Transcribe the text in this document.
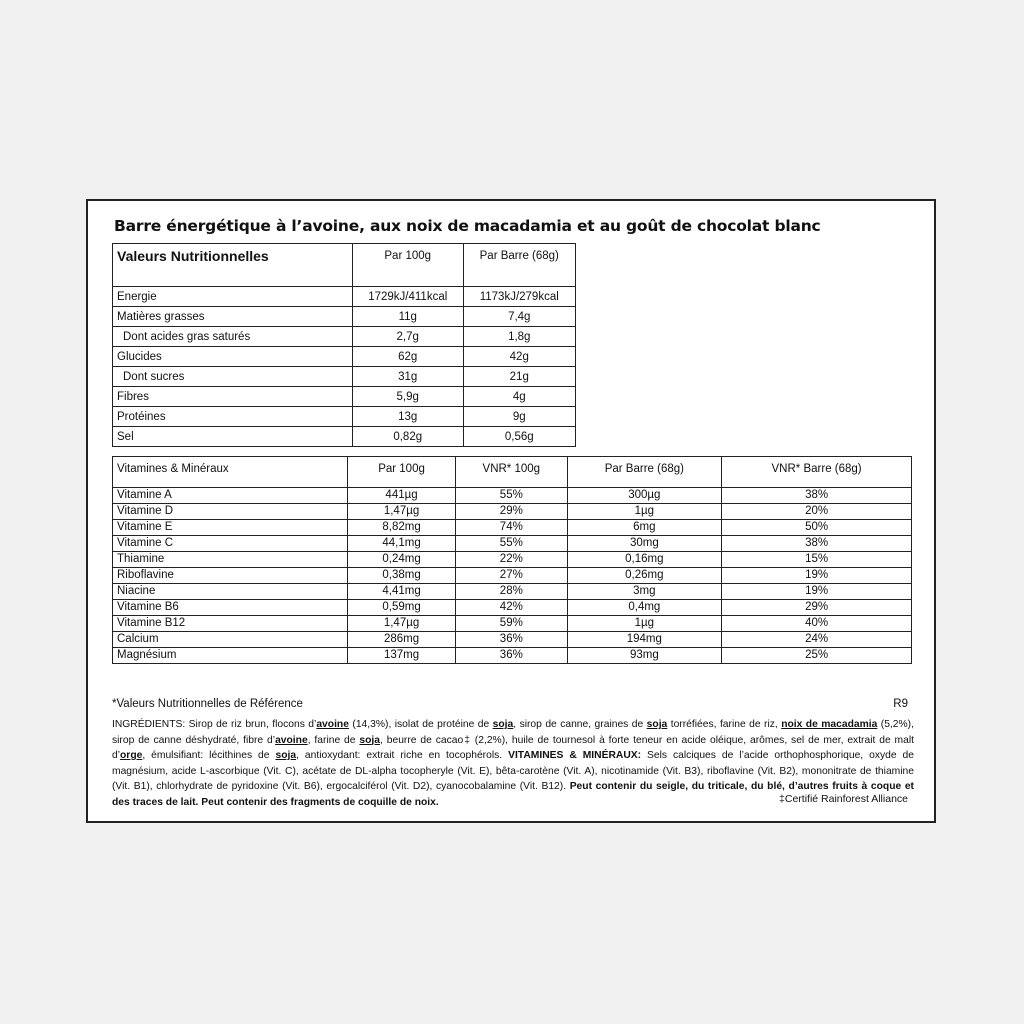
Barre énergétique à l’avoine, aux noix de macadamia et au goût de chocolat blanc
Valeurs Nutritionnelles	Par 100g	Par Barre (68g)
Energie	1729kJ/411kcal	1173kJ/279kcal
Matières grasses	11g	7,4g
Dont acides gras saturés	2,7g	1,8g
Glucides	62g	42g
Dont sucres	31g	21g
Fibres	5,9g	4g
Protéines	13g	9g
Sel	0,82g	0,56g
Vitamines & Minéraux	Par 100g	VNR* 100g	Par Barre (68g)	VNR* Barre (68g)
Vitamine A	441µg	55%	300µg	38%
Vitamine D	1,47µg	29%	1µg	20%
Vitamine E	8,82mg	74%	6mg	50%
Vitamine C	44,1mg	55%	30mg	38%
Thiamine	0,24mg	22%	0,16mg	15%
Riboflavine	0,38mg	27%	0,26mg	19%
Niacine	4,41mg	28%	3mg	19%
Vitamine B6	0,59mg	42%	0,4mg	29%
Vitamine B12	1,47µg	59%	1µg	40%
Calcium	286mg	36%	194mg	24%
Magnésium	137mg	36%	93mg	25%
*Valeurs Nutritionnelles de Référence	R9
INGRÉDIENTS: Sirop de riz brun, flocons d’avoine (14,3%), isolat de protéine de soja, sirop de canne, graines de soja torréfiées, farine de riz, noix de macadamia (5,2%), sirop de canne déshydraté, fibre d’avoine, farine de soja, beurre de cacao‡ (2,2%), huile de tournesol à forte teneur en acide oléique, arômes, sel de mer, extrait de malt d’orge, émulsifiant: lécithines de soja, antioxydant: extrait riche en tocophérols. VITAMINES & MINÉRAUX: Sels calciques de l’acide orthophosphorique, oxyde de magnésium, acide L-ascorbique (Vit. C), acétate de DL-alpha tocopheryle (Vit. E), bêta-carotène (Vit. A), nicotinamide (Vit. B3), riboflavine (Vit. B2), mononitrate de thiamine (Vit. B1), chlorhydrate de pyridoxine (Vit. B6), ergocalciférol (Vit. D2), cyanocobalamine (Vit. B12). Peut contenir du seigle, du triticale, du blé, d’autres fruits à coque et des traces de lait. Peut contenir des fragments de coquille de noix.	‡Certifié Rainforest Alliance
